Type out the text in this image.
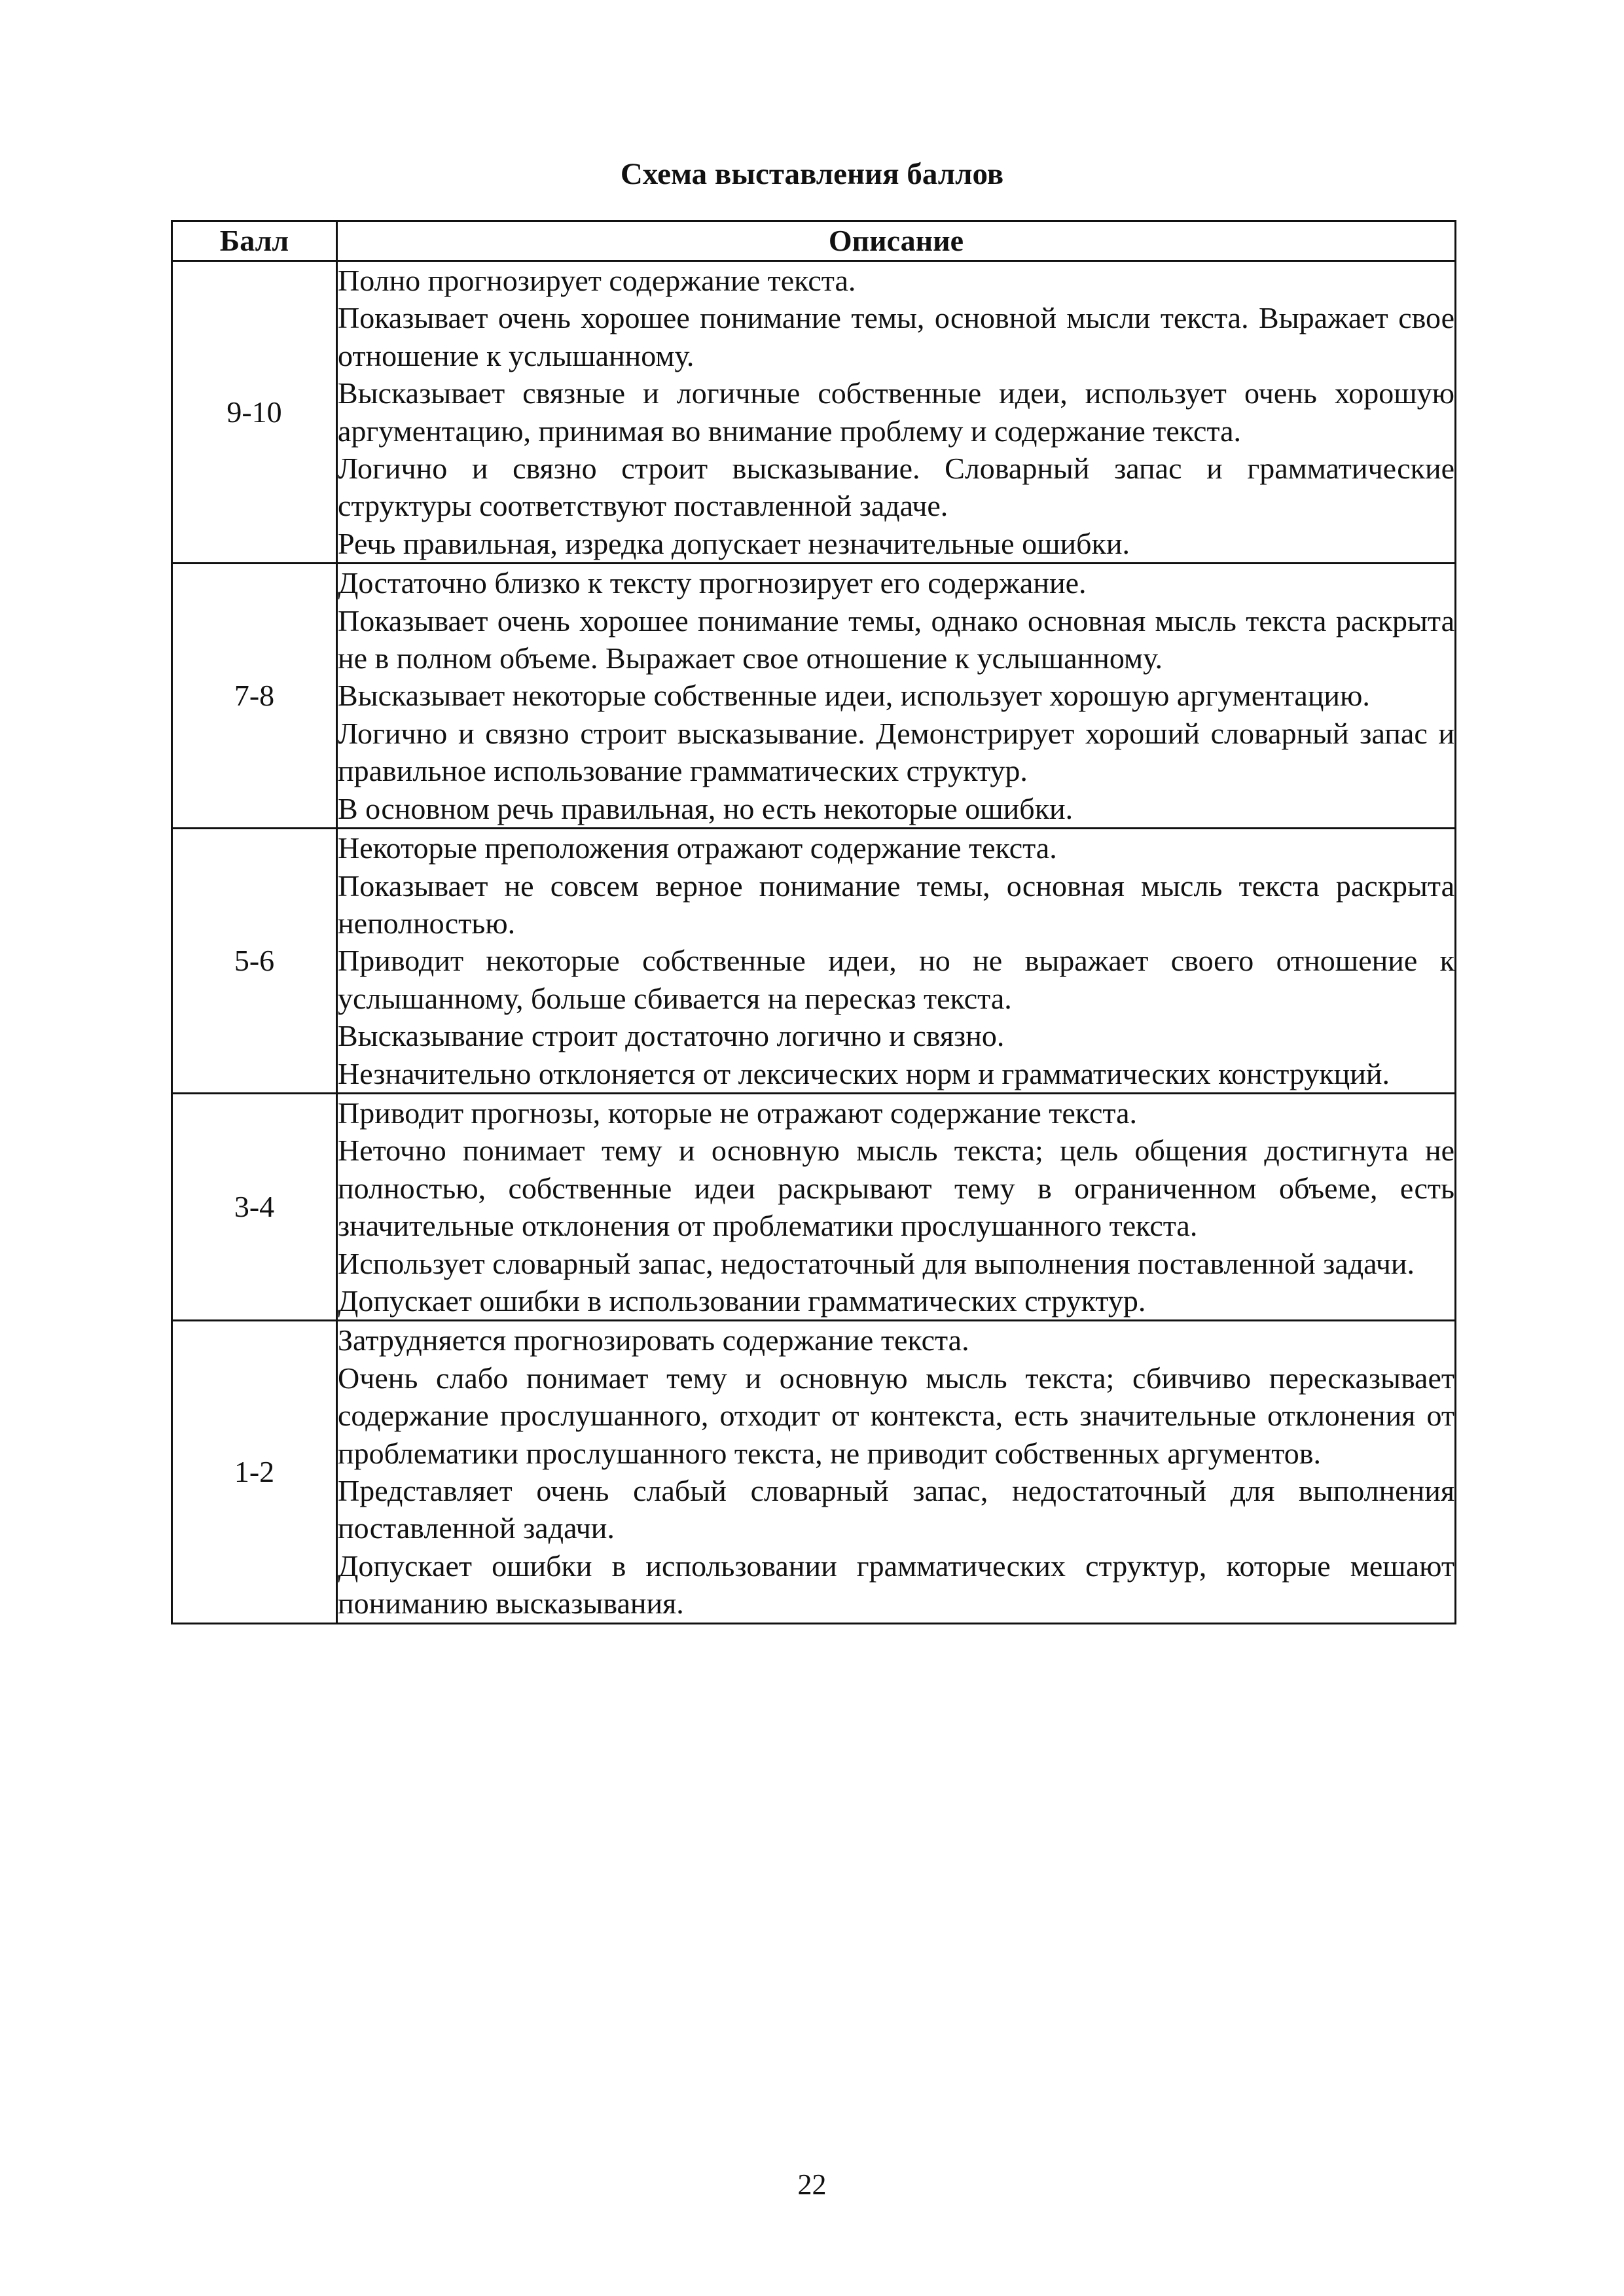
Схема выставления баллов
Балл	Описание
9-10	Полно прогнозирует содержание текста.

Показывает очень хорошее понимание темы, основной мысли текста. Выражает свое отношение к услышанному.

Высказывает связные и логичные собственные идеи, использует очень хорошую аргументацию, принимая во внимание проблему и содержание текста.

Логично и связно строит высказывание. Словарный запас и грамматические структуры соответствуют поставленной задаче.

Речь правильная, изредка допускает незначительные ошибки.

7-8	Достаточно близко к тексту прогнозирует его содержание.

Показывает очень хорошее понимание темы, однако основная мысль текста раскрыта не в полном объеме. Выражает свое отношение к услышанному.

Высказывает некоторые собственные идеи, использует хорошую аргументацию.

Логично и связно строит высказывание. Демонстрирует хороший словарный запас и правильное использование грамматических структур.

В основном речь правильная, но есть некоторые ошибки.

5-6	Некоторые преположения отражают содержание текста.

Показывает не совсем верное понимание темы, основная мысль текста раскрыта неполностью.

Приводит некоторые собственные идеи, но не выражает своего отношение к услышанному, больше сбивается на пересказ текста.

Высказывание строит достаточно логично и связно.

Незначительно отклоняется от лексических норм и грамматических конструкций.

3-4	Приводит прогнозы, которые не отражают содержание текста.

Неточно понимает тему и основную мысль текста; цель общения достигнута не полностью, собственные идеи раскрывают тему в ограниченном объеме, есть значительные отклонения от проблематики прослушанного текста.

Использует словарный запас, недостаточный для выполнения поставленной задачи.

Допускает ошибки в использовании грамматических структур.

1-2	Затрудняется прогнозировать содержание текста.

Очень слабо понимает тему и основную мысль текста; сбивчиво пересказывает содержание прослушанного, отходит от контекста, есть значительные отклонения от проблематики прослушанного текста, не приводит собственных аргументов.

Представляет очень слабый словарный запас, недостаточный для выполнения поставленной задачи.

Допускает ошибки в использовании грамматических структур, которые мешают пониманию высказывания.

22
